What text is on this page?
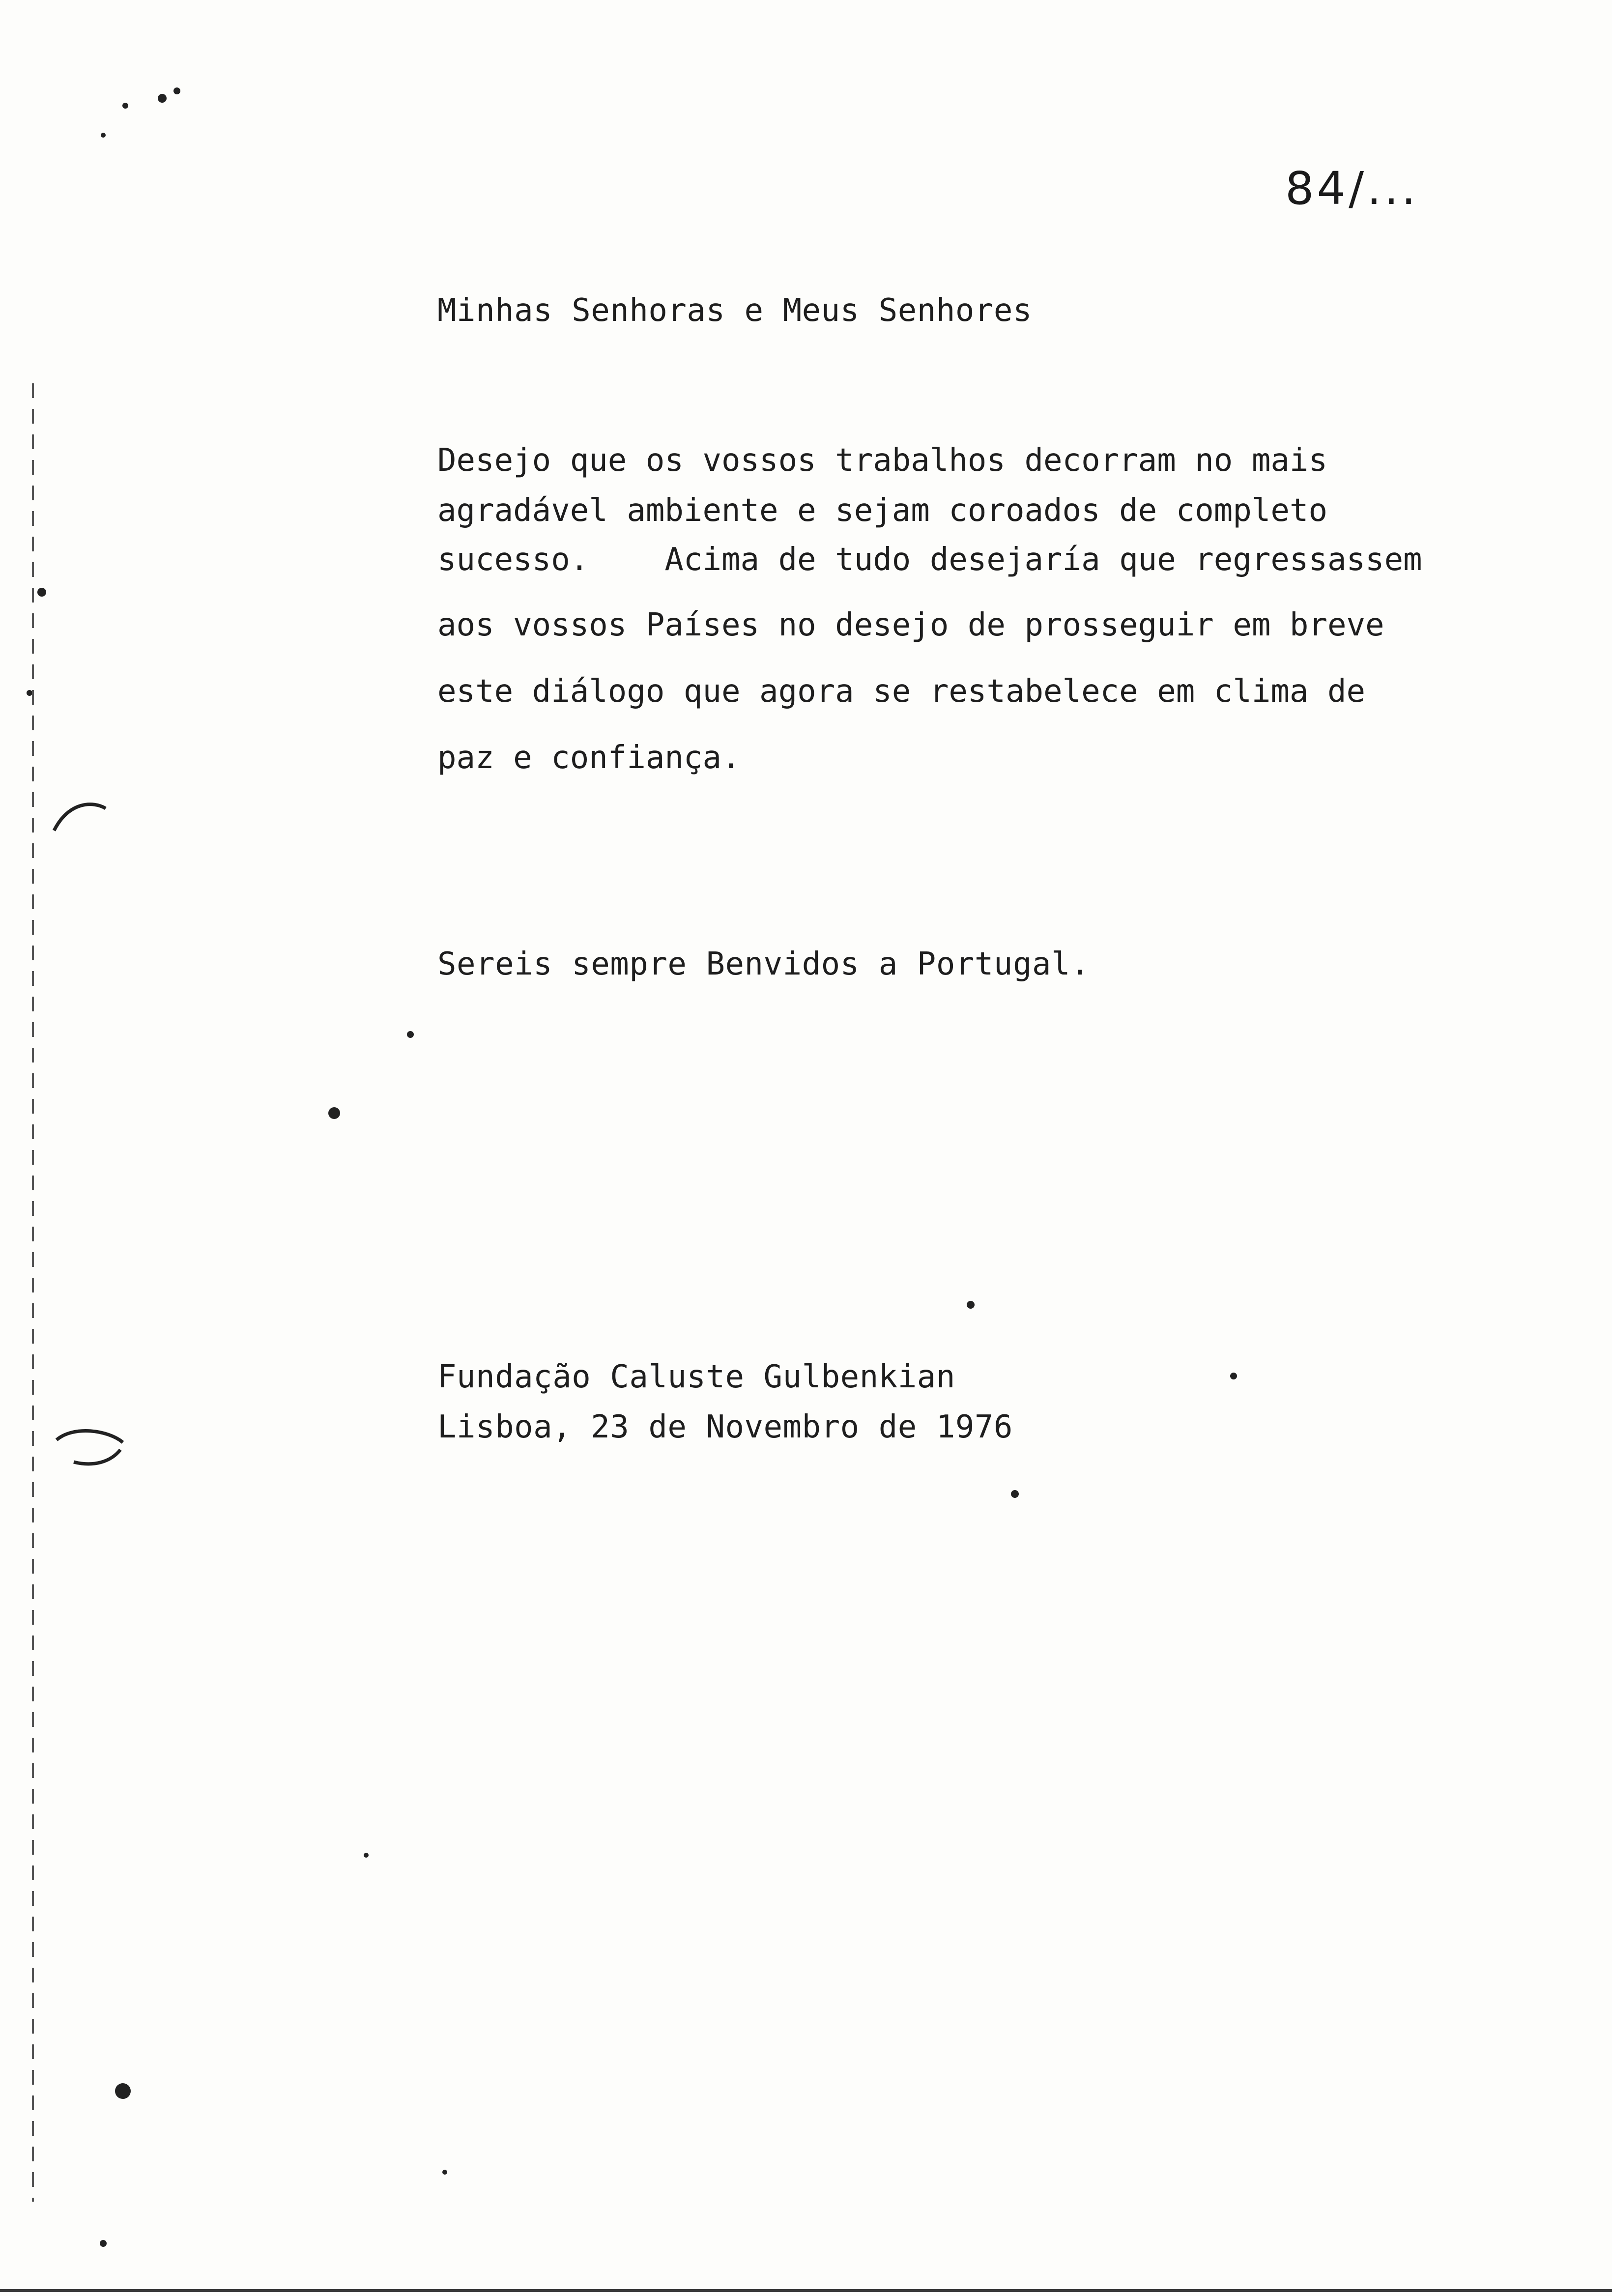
84/...
Minhas Senhoras e Meus Senhores
Desejo que os vossos trabalhos decorram no mais
agradável ambiente e sejam coroados de completo
sucesso.    Acima de tudo desejaría que regressassem
aos vossos Países no desejo de prosseguir em breve
este diálogo que agora se restabelece em clima de
paz e confiança.
Sereis sempre Benvidos a Portugal.
Fundação Caluste Gulbenkian
Lisboa, 23 de Novembro de 1976
